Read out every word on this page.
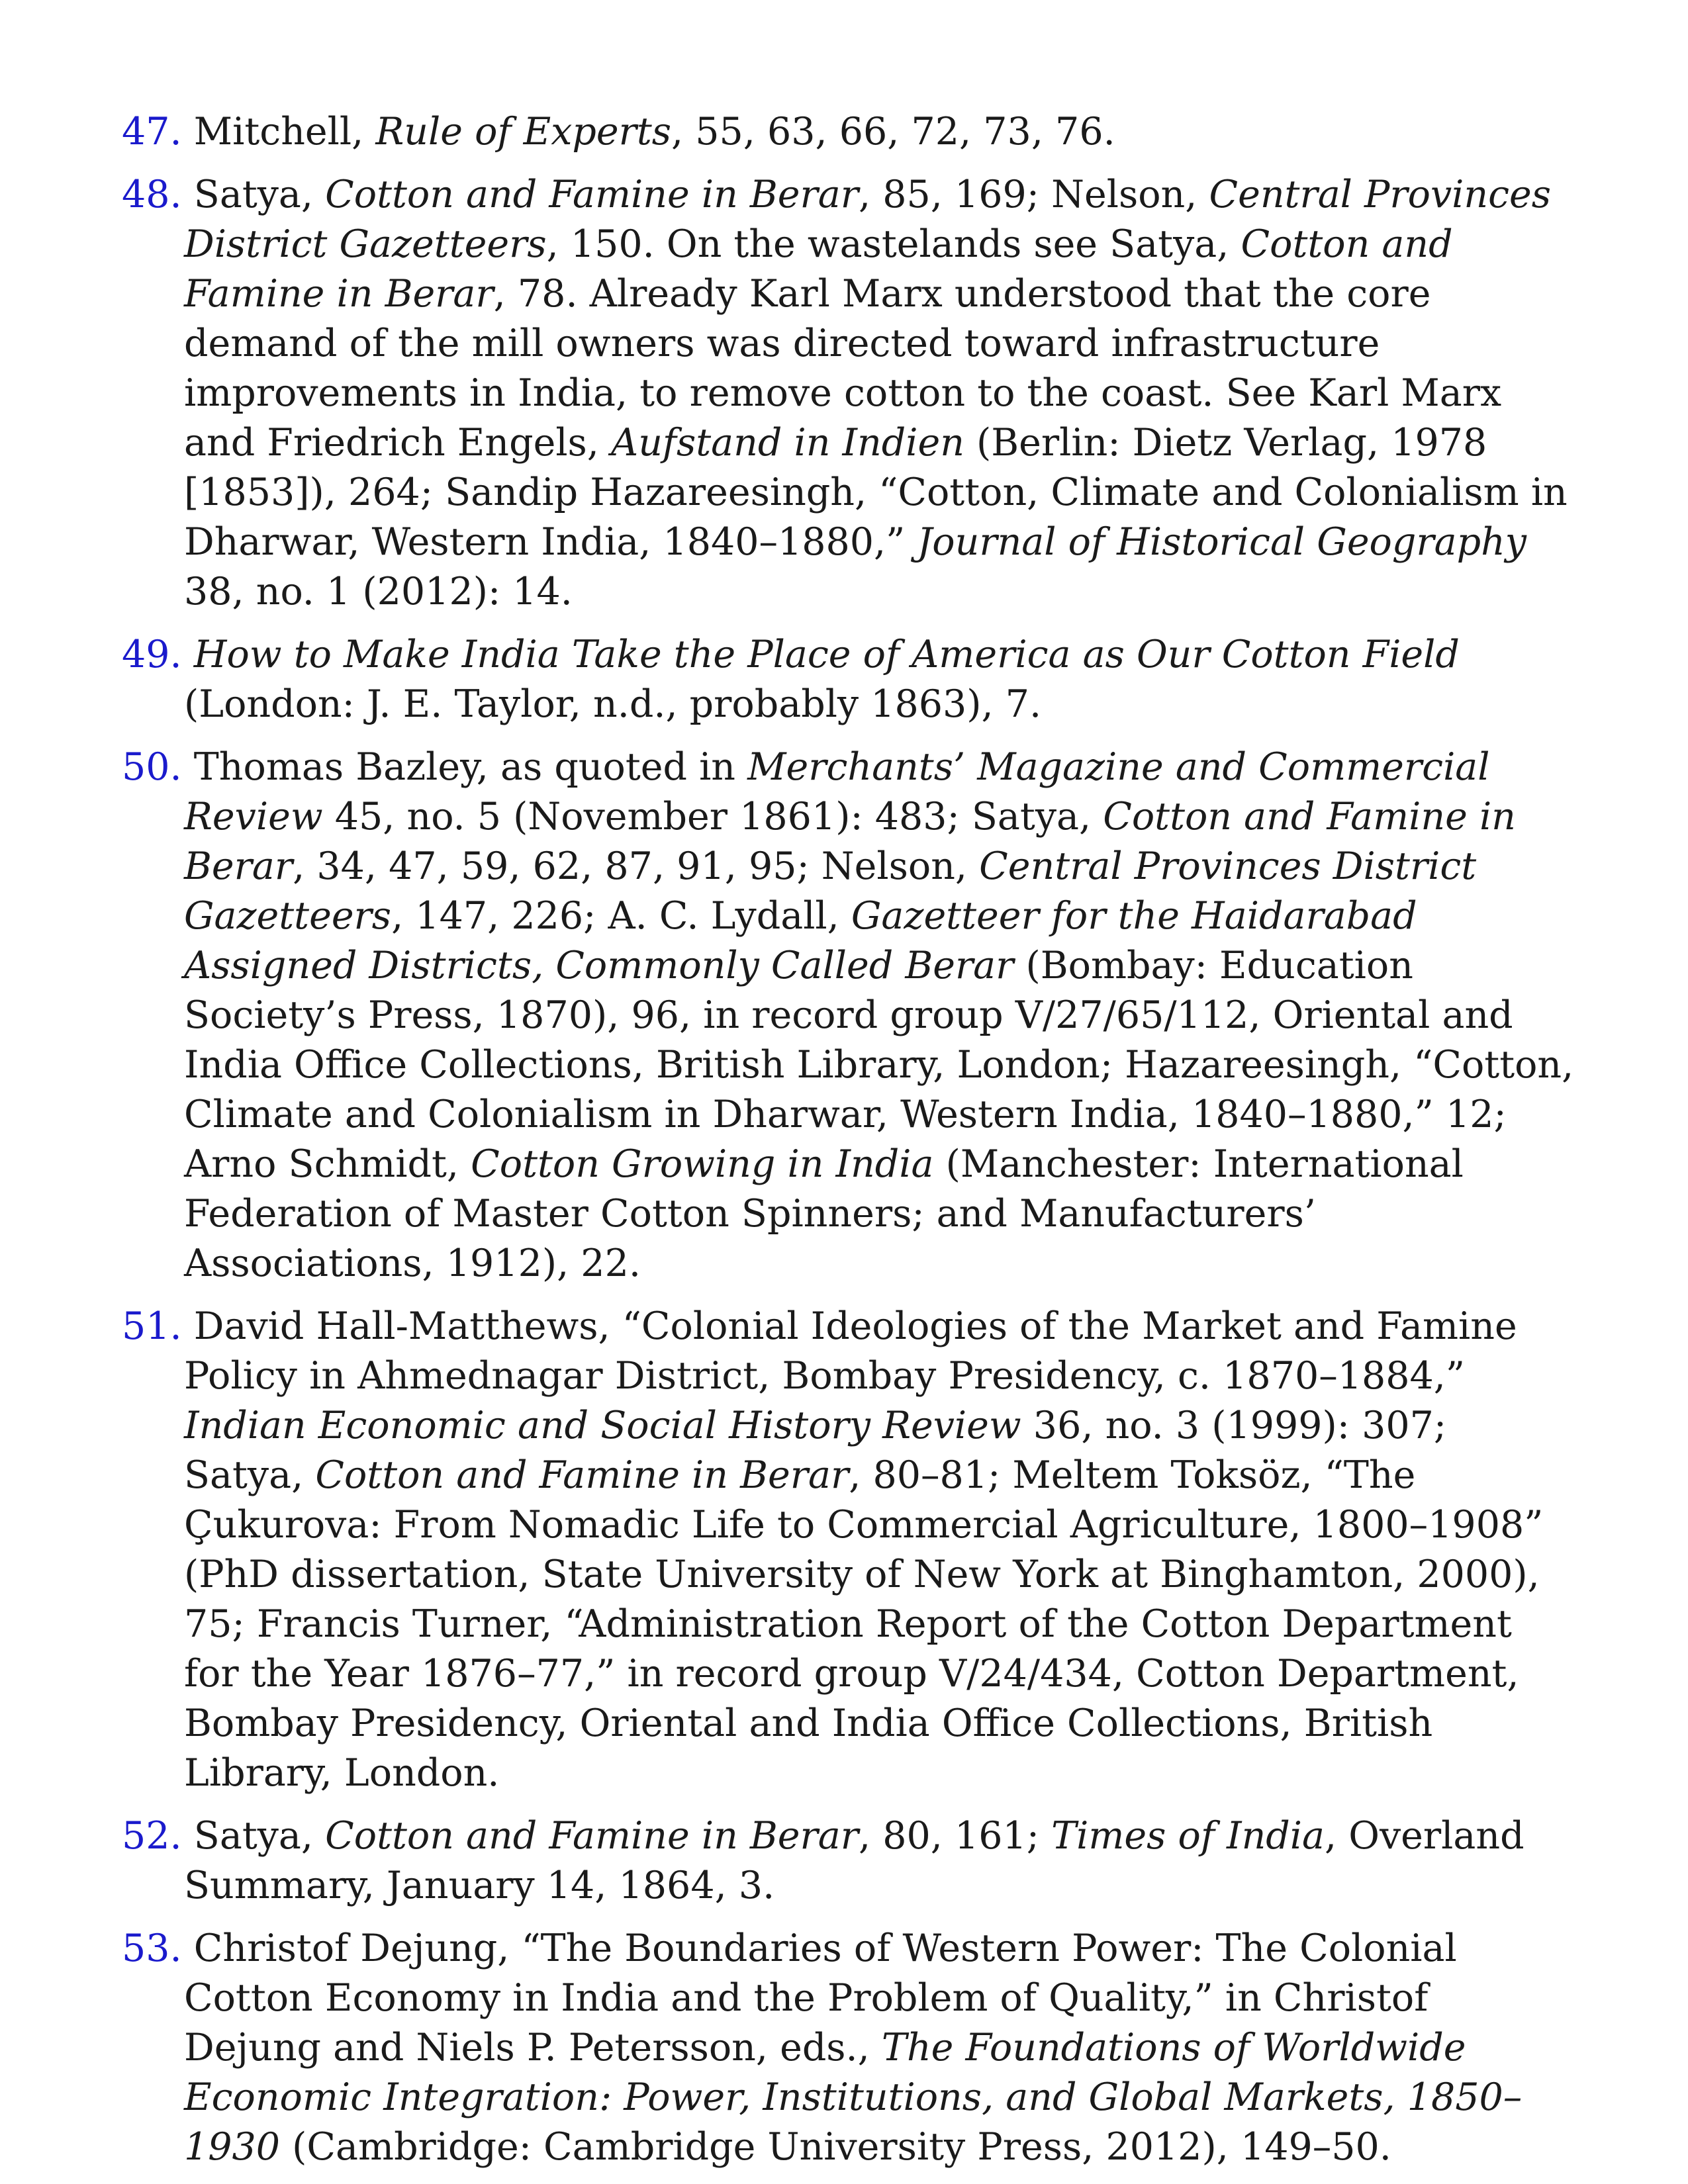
47. Mitchell, Rule of Experts, 55, 63, 66, 72, 73, 76.

48. Satya, Cotton and Famine in Berar, 85, 169; Nelson, Central Provinces District Gazetteers, 150. On the wastelands see Satya, Cotton and Famine in Berar, 78. Already Karl Marx understood that the core demand of the mill owners was directed toward infrastructure improvements in India, to remove cotton to the coast. See Karl Marx and Friedrich Engels, Aufstand in Indien (Berlin: Dietz Verlag, 1978 [1853]), 264; Sandip Hazareesingh, “Cotton, Climate and Colonialism in Dharwar, Western India, 1840–1880,” Journal of Historical Geography 38, no. 1 (2012): 14.

49. How to Make India Take the Place of America as Our Cotton Field (London: J. E. Taylor, n.d., probably 1863), 7.

50. Thomas Bazley, as quoted in Merchants’ Magazine and Commercial Review 45, no. 5 (November 1861): 483; Satya, Cotton and Famine in Berar, 34, 47, 59, 62, 87, 91, 95; Nelson, Central Provinces District Gazetteers, 147, 226; A. C. Lydall, Gazetteer for the Haidarabad Assigned Districts, Commonly Called Berar (Bombay: Education Society’s Press, 1870), 96, in record group V/27/65/112, Oriental and India Office Collections, British Library, London; Hazareesingh, “Cotton, Climate and Colonialism in Dharwar, Western India, 1840–1880,” 12; Arno Schmidt, Cotton Growing in India (Manchester: International Federation of Master Cotton Spinners; and Manufacturers’ Associations, 1912), 22.

51. David Hall-Matthews, “Colonial Ideologies of the Market and Famine Policy in Ahmednagar District, Bombay Presidency, c. 1870–1884,” Indian Economic and Social History Review 36, no. 3 (1999): 307; Satya, Cotton and Famine in Berar, 80–81; Meltem Toksöz, “The Çukurova: From Nomadic Life to Commercial Agriculture, 1800–1908” (PhD dissertation, State University of New York at Binghamton, 2000), 75; Francis Turner, “Administration Report of the Cotton Department for the Year 1876–77,” in record group V/24/434, Cotton Department, Bombay Presidency, Oriental and India Office Collections, British Library, London.

52. Satya, Cotton and Famine in Berar, 80, 161; Times of India, Overland Summary, January 14, 1864, 3.

53. Christof Dejung, “The Boundaries of Western Power: The Colonial Cotton Economy in India and the Problem of Quality,” in Christof Dejung and Niels P. Petersson, eds., The Foundations of Worldwide Economic Integration: Power, Institutions, and Global Markets, 1850–1930 (Cambridge: Cambridge University Press, 2012), 149–50.
